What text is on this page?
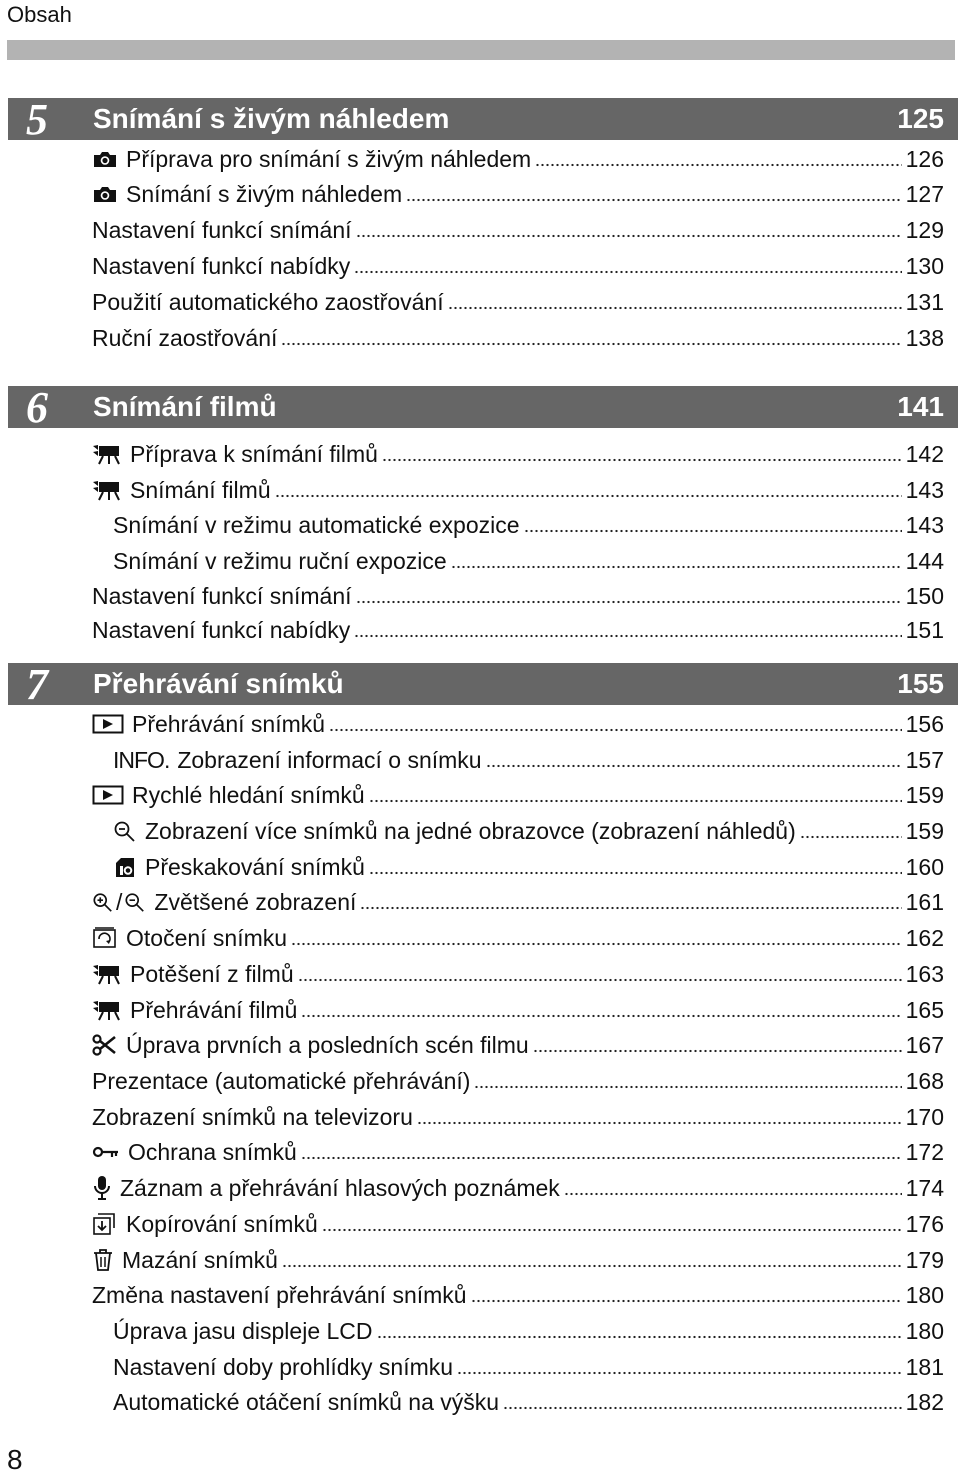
Obsah
5 Snímání s živým náhledem	125
Příprava pro snímání s živým náhledem	126
Snímání s živým náhledem	127
Nastavení funkcí snímání	129
Nastavení funkcí nabídky	130
Použití automatického zaostřování	131
Ruční zaostřování	138
6 Snímání filmů	141
Příprava k snímání filmů	142
Snímání filmů	143
Snímání v režimu automatické expozice	143
Snímání v režimu ruční expozice	144
Nastavení funkcí snímání	150
Nastavení funkcí nabídky	151
7 Přehrávání snímků	155
Přehrávání snímků	156
INFO. Zobrazení informací o snímku	157
Rychlé hledání snímků	159
Zobrazení více snímků na jedné obrazovce (zobrazení náhledů)	159
Přeskakování snímků	160
/ Zvětšené zobrazení	161
Otočení snímku	162
Potěšení z filmů	163
Přehrávání filmů	165
Úprava prvních a posledních scén filmu	167
Prezentace (automatické přehrávání)	168
Zobrazení snímků na televizoru	170
Ochrana snímků	172
Záznam a přehrávání hlasových poznámek	174
Kopírování snímků	176
Mazání snímků	179
Změna nastavení přehrávání snímků	180
Úprava jasu displeje LCD	180
Nastavení doby prohlídky snímku	181
Automatické otáčení snímků na výšku	182
8
